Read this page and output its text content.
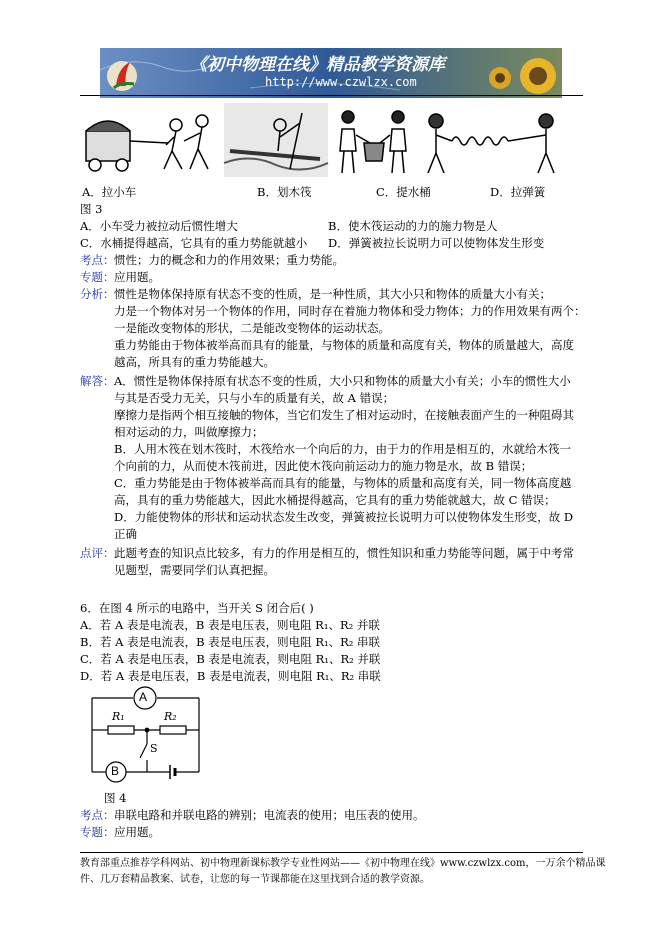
《初中物理在线》精品教学资源库
http://www.czwlzx.com
A．拉小车	B．划木筏	C．提水桶	D．拉弹簧
图 3
A．小车受力被拉动后惯性增大	B．使木筏运动的力的施力物是人
C．水桶提得越高，它具有的重力势能就越小 D．弹簧被拉长说明力可以使物体发生形变
考点： 惯性；力的概念和力的作用效果；重力势能。
专题： 应用题。
分析： 惯性是物体保持原有状态不变的性质，是一种性质，其大小只和物体的质量大小有关；
力是一个物体对另一个物体的作用，同时存在着施力物体和受力物体；力的作用效果有两个：
一是能改变物体的形状，二是能改变物体的运动状态。
重力势能由于物体被举高而具有的能量，与物体的质量和高度有关，物体的质量越大，高度
越高，所具有的重力势能越大。
解答： A．惯性是物体保持原有状态不变的性质，大小只和物体的质量大小有关；小车的惯性大小
与其是否受力无关，只与小车的质量有关，故 A 错误；
摩擦力是指两个相互接触的物体，当它们发生了相对运动时，在接触表面产生的一种阻碍其
相对运动的力，叫做摩擦力；
B．人用木筏在划木筏时，木筏给水一个向后的力，由于力的作用是相互的，水就给木筏一
个向前的力，从而使木筏前进，因此使木筏向前运动力的施力物是水，故 B 错误；
C．重力势能是由于物体被举高而具有的能量，与物体的质量和高度有关，同一物体高度越
高，具有的重力势能越大，因此水桶提得越高，它具有的重力势能就越大，故 C 错误；
D．力能使物体的形状和运动状态发生改变，弹簧被拉长说明力可以使物体发生形变，故 D
正确
点评： 此题考查的知识点比较多，有力的作用是相互的，惯性知识和重力势能等问题，属于中考常
见题型，需要同学们认真把握。
6．在图 4 所示的电路中，当开关 S 闭合后( )
A．若 A 表是电流表，B 表是电压表，则电阻 R₁、R₂ 并联
B．若 A 表是电流表，B 表是电压表，则电阻 R₁、R₂ 串联
C．若 A 表是电压表，B 表是电流表，则电阻 R₁、R₂ 并联
D．若 A 表是电压表，B 表是电流表，则电阻 R₁、R₂ 串联
A
B
R₁	R₂
S
图 4
考点： 串联电路和并联电路的辨别；电流表的使用；电压表的使用。
专题： 应用题。
教育部重点推荐学科网站、初中物理新课标教学专业性网站——《初中物理在线》www.czwlzx.com，一万余个精品课
件、几万套精品教案、试卷，让您的每一节课都能在这里找到合适的教学资源。
